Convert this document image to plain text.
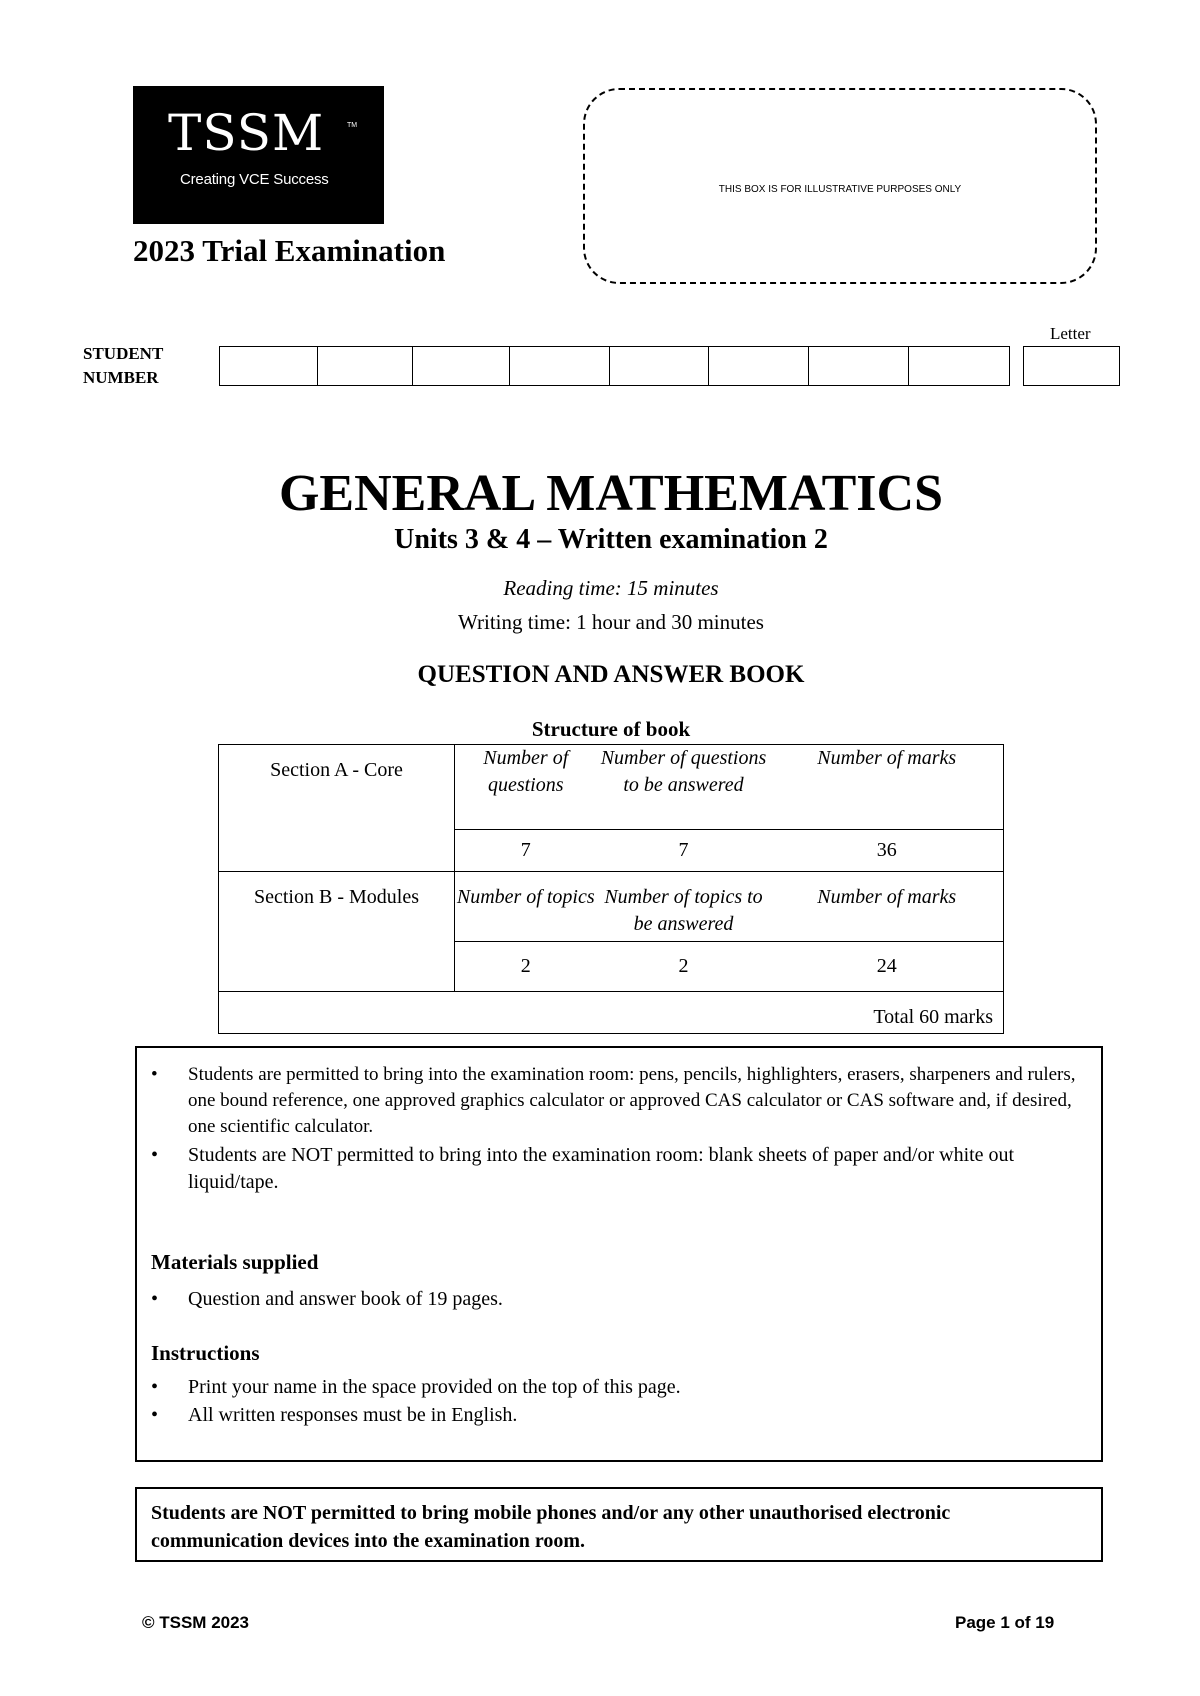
TSSM	TM
Creating VCE Success
2023 Trial Examination
THIS BOX IS FOR ILLUSTRATIVE PURPOSES ONLY
Letter
STUDENT
NUMBER
GENERAL MATHEMATICS
Units 3 & 4 – Written examination 2
Reading time: 15 minutes
Writing time: 1 hour and 30 minutes
QUESTION AND ANSWER BOOK
Structure of book
Section A - Core	Number of questions	Number of questions to be answered	Number of marks
	7	7	36
Section B - Modules	Number of topics	Number of topics to be answered	Number of marks
	2	2	24
Total 60 marks			
• Students are permitted to bring into the examination room: pens, pencils, highlighters, erasers, sharpeners and rulers, one bound reference, one approved graphics calculator or approved CAS calculator or CAS software and, if desired, one scientific calculator.
• Students are NOT permitted to bring into the examination room: blank sheets of paper and/or white out liquid/tape.
Materials supplied
• Question and answer book of 19 pages.
Instructions
• Print your name in the space provided on the top of this page.
• All written responses must be in English.
Students are NOT permitted to bring mobile phones and/or any other unauthorised electronic communication devices into the examination room.
© TSSM 2023	Page 1 of 19
